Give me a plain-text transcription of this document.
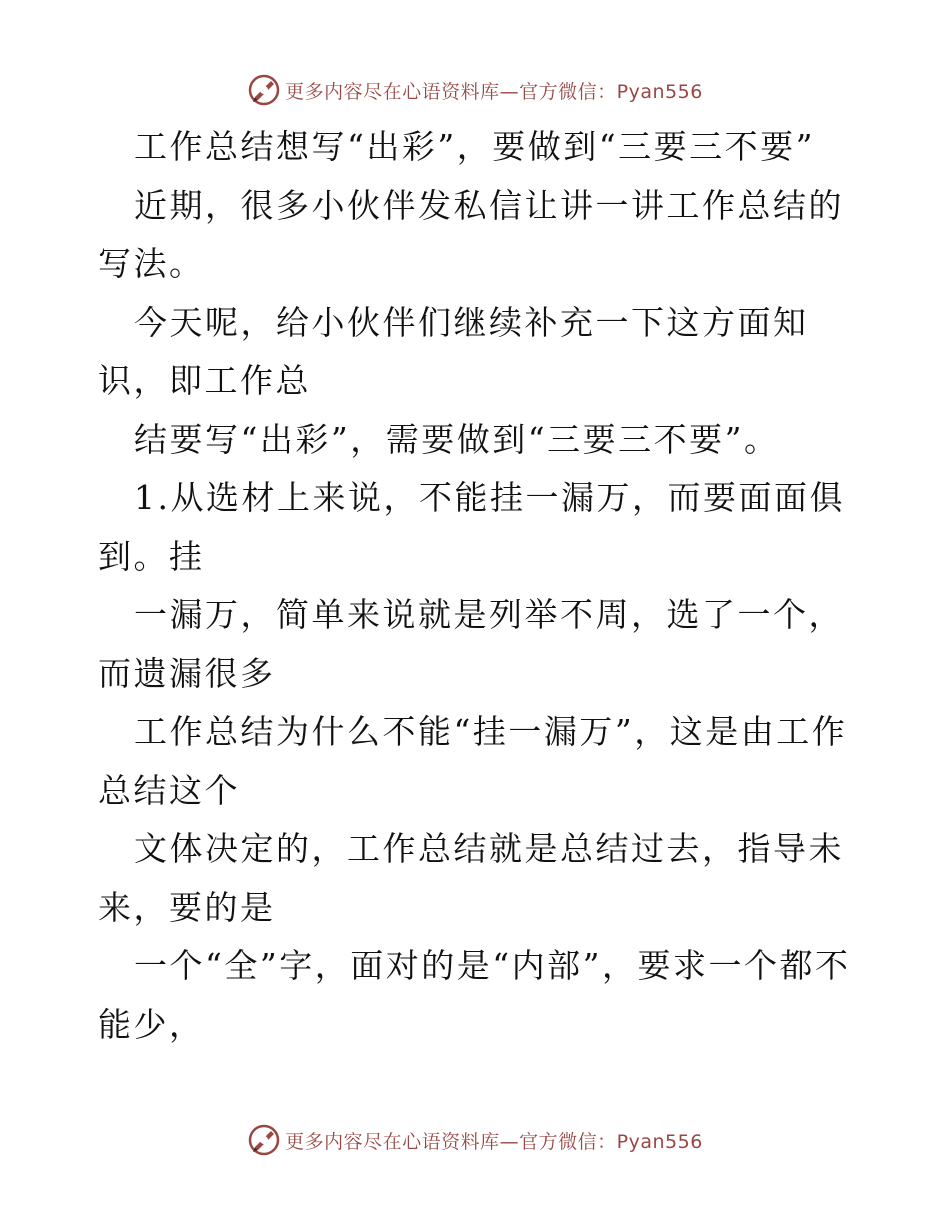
更多内容尽在心语资料库—官方微信：Pyan556

工作总结想写“出彩”，要做到“三要三不要”

近期，很多小伙伴发私信让讲一讲工作总结的写法。

今天呢，给小伙伴们继续补充一下这方面知识，即工作总

结要写“出彩”，需要做到“三要三不要”。

1.从选材上来说，不能挂一漏万，而要面面俱到。挂

一漏万，简单来说就是列举不周，选了一个，而遗漏很多

工作总结为什么不能“挂一漏万”，这是由工作总结这个

文体决定的，工作总结就是总结过去，指导未来，要的是

一个“全”字，面对的是“内部”，要求一个都不能少，

更多内容尽在心语资料库—官方微信：Pyan556
